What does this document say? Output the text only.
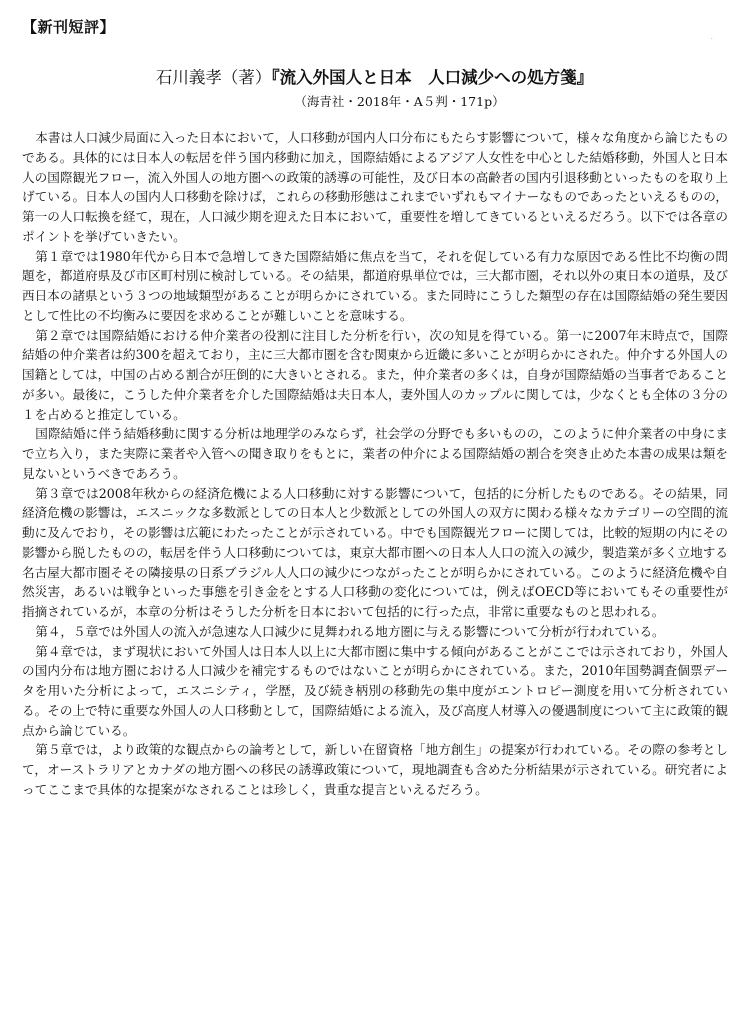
【新刊短評】
.
石川義孝（著）『流入外国人と日本　人口減少への処方箋』
（海青社・2018年・A５判・171p）

本書は人口減少局面に入った日本において，人口移動が国内人口分布にもたらす影響について，様々な角度から論じたものである。具体的には日本人の転居を伴う国内移動に加え，国際結婚によるアジア人女性を中心とした結婚移動，外国人と日本人の国際観光フロー，流入外国人の地方圏への政策的誘導の可能性，及び日本の高齢者の国内引退移動といったものを取り上げている。日本人の国内人口移動を除けば，これらの移動形態はこれまでいずれもマイナーなものであったといえるものの，第一の人口転換を経て，現在，人口減少期を迎えた日本において，重要性を増してきているといえるだろう。以下では各章のポイントを挙げていきたい。

第１章では1980年代から日本で急増してきた国際結婚に焦点を当て，それを促している有力な原因である性比不均衡の問題を，都道府県及び市区町村別に検討している。その結果，都道府県単位では，三大都市圏，それ以外の東日本の道県，及び西日本の諸県という３つの地域類型があることが明らかにされている。また同時にこうした類型の存在は国際結婚の発生要因として性比の不均衡みに要因を求めることが難しいことを意味する。

第２章では国際結婚における仲介業者の役割に注目した分析を行い，次の知見を得ている。第一に2007年末時点で，国際結婚の仲介業者は約300を超えており，主に三大都市圏を含む関東から近畿に多いことが明らかにされた。仲介する外国人の国籍としては，中国の占める割合が圧倒的に大きいとされる。また，仲介業者の多くは，自身が国際結婚の当事者であることが多い。最後に，こうした仲介業者を介した国際結婚は夫日本人，妻外国人のカップルに関しては，少なくとも全体の３分の１を占めると推定している。

国際結婚に伴う結婚移動に関する分析は地理学のみならず，社会学の分野でも多いものの，このように仲介業者の中身にまで立ち入り，また実際に業者や入管への聞き取りをもとに，業者の仲介による国際結婚の割合を突き止めた本書の成果は類を見ないというべきであろう。

第３章では2008年秋からの経済危機による人口移動に対する影響について，包括的に分析したものである。その結果，同経済危機の影響は，エスニックな多数派としての日本人と少数派としての外国人の双方に関わる様々なカテゴリーの空間的流動に及んでおり，その影響は広範にわたったことが示されている。中でも国際観光フローに関しては，比較的短期の内にその影響から脱したものの，転居を伴う人口移動については，東京大都市圏への日本人人口の流入の減少，製造業が多く立地する名古屋大都市圏そその隣接県の日系ブラジル人人口の減少につながったことが明らかにされている。このように経済危機や自然災害，あるいは戦争といった事態を引き金をとする人口移動の変化については，例えばOECD等においてもその重要性が指摘されているが，本章の分析はそうした分析を日本において包括的に行った点，非常に重要なものと思われる。

第４，５章では外国人の流入が急速な人口減少に見舞われる地方圏に与える影響について分析が行われている。

第４章では，まず現状において外国人は日本人以上に大都市圏に集中する傾向があることがここでは示されており，外国人の国内分布は地方圏における人口減少を補完するものではないことが明らかにされている。また，2010年国勢調査個票データを用いた分析によって，エスニシティ，学歴，及び続き柄別の移動先の集中度がエントロピー測度を用いて分析されている。その上で特に重要な外国人の人口移動として，国際結婚による流入，及び高度人材導入の優遇制度について主に政策的観点から論じている。

第５章では，より政策的な観点からの論考として，新しい在留資格「地方創生」の提案が行われている。その際の参考として，オーストラリアとカナダの地方圏への移民の誘導政策について，現地調査も含めた分析結果が示されている。研究者によってここまで具体的な提案がなされることは珍しく，貴重な提言といえるだろう。
